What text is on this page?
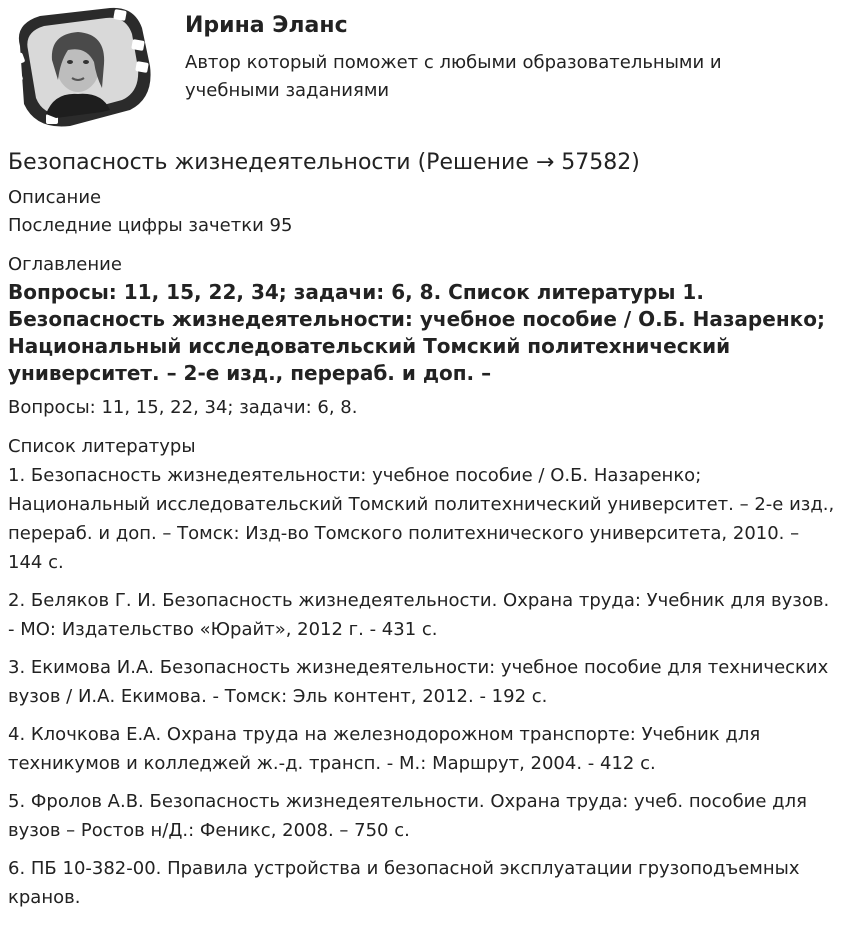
Ирина Эланс
Автор который поможет с любыми образовательными и учебными заданиями
Безопасность жизнедеятельности (Решение → 57582)

Описание

Последние цифры зачетки 95

Оглавление

Вопросы: 11, 15, 22, 34; задачи: 6, 8. Список литературы 1. Безопасность жизнедеятельности: учебное пособие / О.Б. Назаренко; Национальный исследовательский Томский политехнический университет. – 2-е изд., перераб. и доп. –

Вопросы: 11, 15, 22, 34; задачи: 6, 8.

Список литературы

1. Безопасность жизнедеятельности: учебное пособие / О.Б. Назаренко; Национальный исследовательский Томский политехнический университет. – 2-е изд., перераб. и доп. – Томск: Изд-во Томского политехнического университета, 2010. – 144 с.

2. Беляков Г. И. Безопасность жизнедеятельности. Охрана труда: Учебник для вузов. - МО: Издательство «Юрайт», 2012 г. - 431 с.

3. Екимова И.А. Безопасность жизнедеятельности: учебное пособие для технических вузов / И.А. Екимова. - Томск: Эль контент, 2012. - 192 с.

4. Клочкова Е.А. Охрана труда на железнодорожном транспорте: Учебник для техникумов и колледжей ж.-д. трансп. - М.: Маршрут, 2004. - 412 с.

5. Фролов А.В. Безопасность жизнедеятельности. Охрана труда: учеб. пособие для вузов – Ростов н/Д.: Феникс, 2008. – 750 с.

6. ПБ 10-382-00. Правила устройства и безопасной эксплуатации грузоподъемных кранов.
